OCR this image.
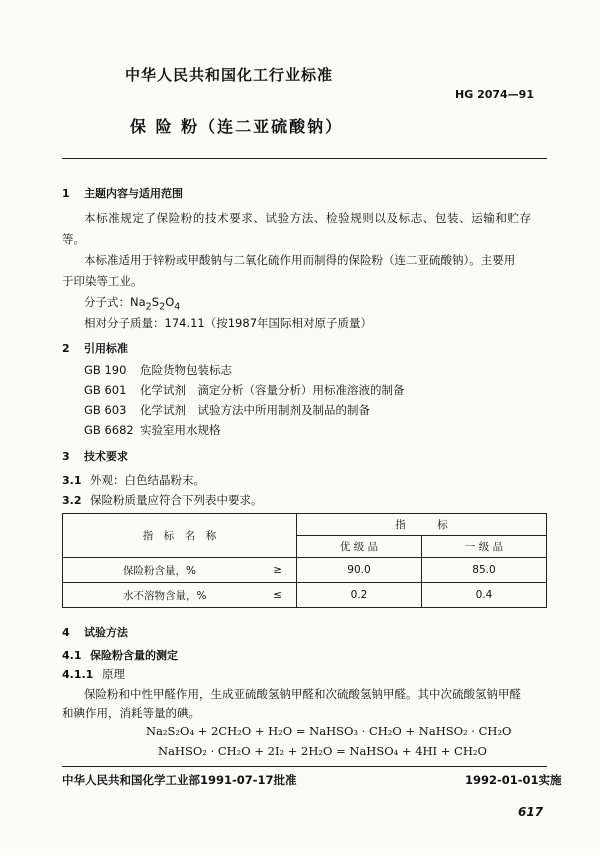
中华人民共和国化工行业标准
HG 2074—91
保 险 粉（连二亚硫酸钠）
1 主题内容与适用范围
本标准规定了保险粉的技术要求、试验方法、检验规则以及标志、包装、运输和贮存
等。
本标准适用于锌粉或甲酸钠与二氧化硫作用而制得的保险粉（连二亚硫酸钠）。主要用
于印染等工业。
分子式：$Na_2S_2O_4$
相对分子质量：174.11（按1987年国际相对原子质量）
2 引用标准
GB 190 危险货物包装标志
GB 601 化学试剂　滴定分析（容量分析）用标准溶液的制备
GB 603 化学试剂　试验方法中所用制剂及制品的制备
GB 6682 实验室用水规格
3 技术要求
3.1 外观：白色结晶粉末。
3.2 保险粉质量应符合下列表中要求。
指　标　名　称		指　　　标	
		优 级 品	一 级 品
保险粉含量，%	≥	90.0	85.0
水不溶物含量，%	≤	0.2	0.4
4 试验方法
4.1 保险粉含量的测定
4.1.1 原理
保险粉和中性甲醛作用，生成亚硫酸氢钠甲醛和次硫酸氢钠甲醛。其中次硫酸氢钠甲醛
和碘作用，消耗等量的碘。
Na₂S₂O₄ + 2CH₂O + H₂O = NaHSO₃ · CH₂O + NaHSO₂ · CH₂O
NaHSO₂ · CH₂O + 2I₂ + 2H₂O = NaHSO₄ + 4HI + CH₂O
中华人民共和国化学工业部1991-07-17批准	1992-01-01实施
617
